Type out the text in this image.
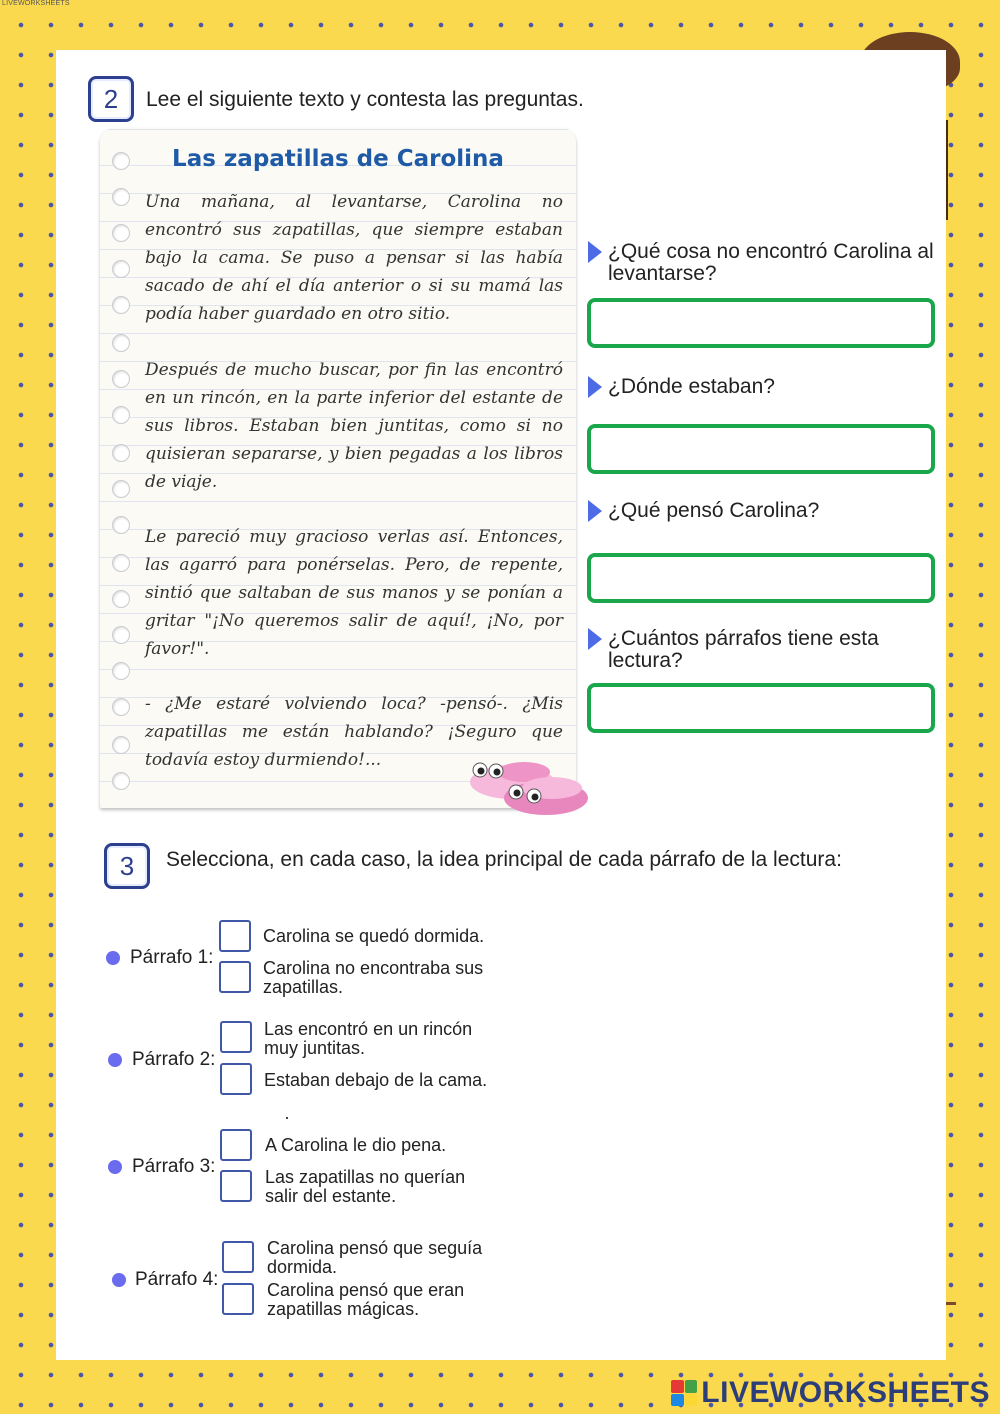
LIVEWORKSHEETS
2	Lee el siguiente texto y contesta las preguntas.
Las zapatillas de Carolina

Una mañana, al levantarse, Carolina no encontró sus zapatillas, que siempre estaban bajo la cama. Se puso a pensar si las había sacado de ahí el día anterior o si su mamá las podía haber guardado en otro sitio.

Después de mucho buscar, por fin las encontró en un rincón, en la parte inferior del estante de sus libros. Estaban bien juntitas, como si no quisieran separarse, y bien pegadas a los libros de viaje.

Le pareció muy gracioso verlas así. Entonces, las agarró para ponérselas. Pero, de repente, sintió que saltaban de sus manos y se ponían a gritar "¡No queremos salir de aquí!, ¡No, por favor!".

- ¿Me estaré volviendo loca? -pensó-. ¿Mis zapatillas me están hablando? ¡Seguro que todavía estoy durmiendo!...

¿Qué cosa no encontró Carolina al levantarse?
¿Dónde estaban?
¿Qué pensó Carolina?
¿Cuántos párrafos tiene esta lectura?
3	Selecciona, en cada caso, la idea principal de cada párrafo de la lectura:
Párrafo 1:
Carolina se quedó dormida.
Carolina no encontraba sus zapatillas.
Párrafo 2:
Las encontró en un rincón muy juntitas.
Estaban debajo de la cama.
Párrafo 3:
A Carolina le dio pena.
Las zapatillas no querían salir del estante.
Párrafo 4:
Carolina pensó que seguía dormida.
Carolina pensó que eran zapatillas mágicas.
LIVEWORKSHEETS
